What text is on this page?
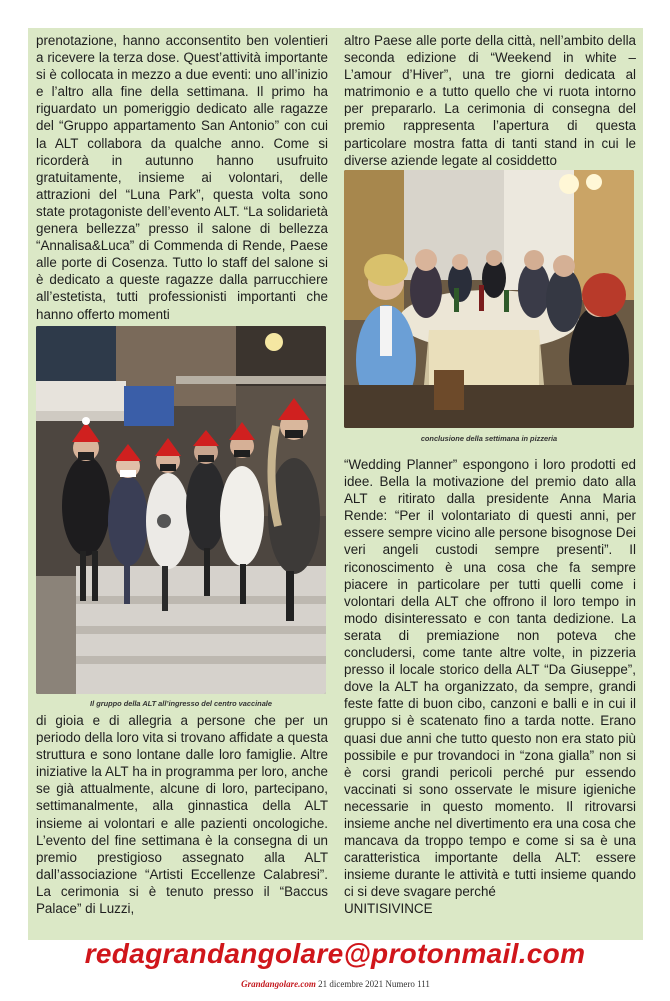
prenotazione, hanno acconsentito ben volentieri a ricevere la terza dose. Quest’attività importante si è collocata in mezzo a due eventi: uno all’inizio e l’altro alla fine della settimana. Il primo ha riguardato un pomeriggio dedicato alle ragazze del “Gruppo appartamento San Antonio” con cui la ALT collabora da qualche anno. Come si ricorderà in autunno hanno usufruito gratuitamente, insieme ai volontari, delle attrazioni del “Luna Park”, questa volta sono state protagoniste dell’evento ALT. “La solidarietà genera bellezza” presso il salone di bellezza “Annalisa&Luca” di Commenda di Rende, Paese alle porte di Cosenza. Tutto lo staff del salone si è dedicato a queste ragazze dalla parrucchiere all’estetista, tutti professionisti importanti che hanno offerto momenti

Il gruppo della ALT all’ingresso del centro vaccinale

di gioia e di allegria a persone che per un periodo della loro vita si trovano affidate a questa struttura e sono lontane dalle loro famiglie. Altre iniziative la ALT ha in programma per loro, anche se già attualmente, alcune di loro, partecipano, settimanalmente, alla ginnastica della ALT insieme ai volontari e alle pazienti oncologiche. L’evento del fine settimana è la consegna di un premio prestigioso assegnato alla ALT dall’associazione “Artisti Eccellenze Calabresi”. La cerimonia si è tenuto presso il “Baccus Palace” di Luzzi,

altro Paese alle porte della città, nell’ambito della seconda edizione di “Weekend in white – L’amour d’Hiver”, una tre giorni dedicata al matrimonio e a tutto quello che vi ruota intorno per prepararlo. La cerimonia di consegna del premio rappresenta l’apertura di questa particolare mostra fatta di tanti stand in cui le diverse aziende legate al cosiddetto

conclusione della settimana in pizzeria

“Wedding Planner” espongono i loro prodotti ed idee. Bella la motivazione del premio dato alla ALT e ritirato dalla presidente Anna Maria Rende: “Per il volontariato di questi anni, per essere sempre vicino alle persone bisognose Dei veri angeli custodi sempre presenti”. Il riconoscimento è una cosa che fa sempre piacere in particolare per tutti quelli come i volontari della ALT che offrono il loro tempo in modo disinteressato e con tanta dedizione. La serata di premiazione non poteva che concludersi, come tante altre volte, in pizzeria presso il locale storico della ALT “Da Giuseppe”, dove la ALT ha organizzato, da sempre, grandi feste fatte di buon cibo, canzoni e balli e in cui il gruppo si è scatenato fino a tarda notte. Erano quasi due anni che tutto questo non era stato più possibile e pur trovandoci in “zona gialla” non si è corsi grandi pericoli perché pur essendo vaccinati si sono osservate le misure igieniche necessarie in questo momento. Il ritrovarsi insieme anche nel divertimento era una cosa che mancava da troppo tempo e come si sa è una caratteristica importante della ALT: essere insieme durante le attività e tutti insieme quando ci si deve svagare perché

UNITISIVINCE

redagrandangolare@protonmail.com
Grandangolare.com 21 dicembre 2021 Numero 111
